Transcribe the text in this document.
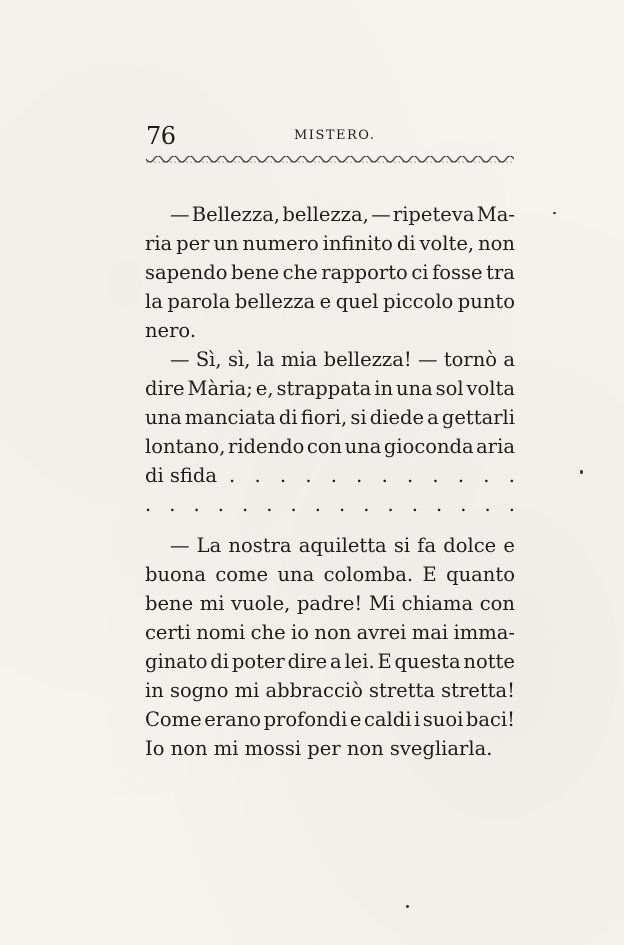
76	MISTERO.
— Bellezza, bellezza, — ripeteva Ma-
ria per un numero infinito di volte, non
sapendo bene che rapporto ci fosse tra
la parola bellezza e quel piccolo punto
nero.
— Sì, sì, la mia bellezza! — tornò a
dire Mària; e, strappata in una sol volta
una manciata di fiori, si diede a gettarli
lontano, ridendo con una gioconda aria
di sfida . . . . . . . . . . . .
. . . . . . . . . . . . . . . .
— La nostra aquiletta si fa dolce e
buona come una colomba. E quanto
bene mi vuole, padre! Mi chiama con
certi nomi che io non avrei mai imma-
ginato di poter dire a lei. E questa notte
in sogno mi abbracciò stretta stretta!
Come erano profondi e caldi i suoi baci!
Io non mi mossi per non svegliarla.
